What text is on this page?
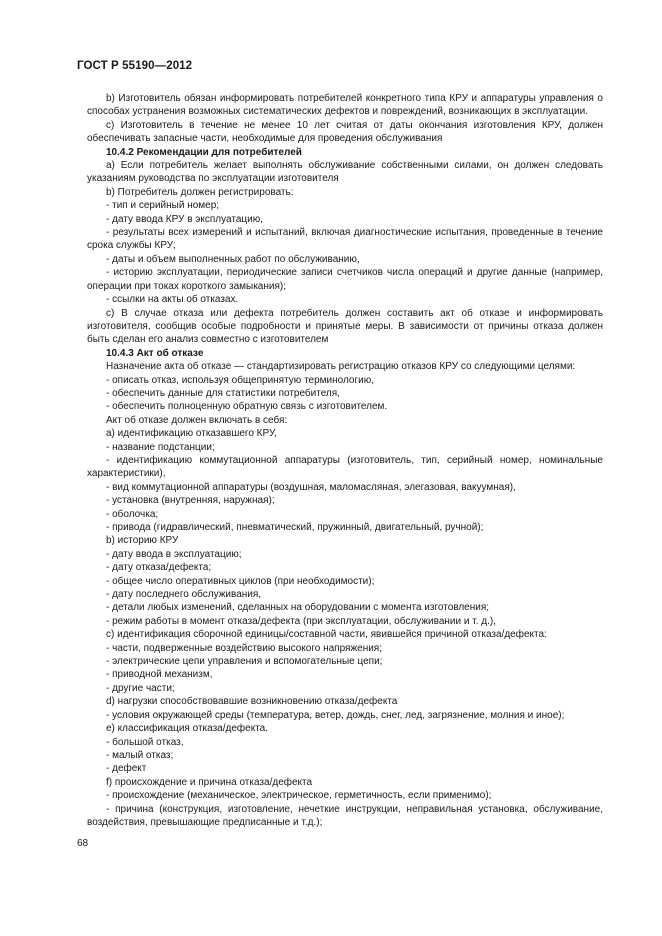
ГОСТ Р 55190—2012

b) Изготовитель обязан информировать потребителей конкретного типа КРУ и аппаратуры управления о способах устранения возможных систематических дефектов и повреждений, возникающих в эксплуатации.

c) Изготовитель в течение не менее 10 лет считая от даты окончания изготовления КРУ, должен обеспечивать запасные части, необходимые для проведения обслуживания

10.4.2 Рекомендации для потребителей

а) Если потребитель желает выполнять обслуживание собственными силами, он должен следовать указаниям руководства по эксплуатации изготовителя

b) Потребитель должен регистрировать:

- тип и серийный номер;

- дату ввода КРУ в эксплуатацию,

- результаты всех измерений и испытаний, включая диагностические испытания, проведенные в течение срока службы КРУ;

- даты и объем выполненных работ по обслуживанию,

- историю эксплуатации, периодические записи счетчиков числа операций и другие данные (например, операции при токах короткого замыкания);

- ссылки на акты об отказах.

c) В случае отказа или дефекта потребитель должен составить акт об отказе и информировать изготовителя, сообщив особые подробности и принятые меры. В зависимости от причины отказа должен быть сделан его анализ совместно с изготовителем

10.4.3 Акт об отказе

Назначение акта об отказе — стандартизировать регистрацию отказов КРУ со следующими целями:

- описать отказ, используя общепринятую терминологию,

- обеспечить данные для статистики потребителя,

- обеспечить полноценную обратную связь с изготовителем.

Акт об отказе должен включать в себя:

а) идентификацию отказавшего КРУ,

- название подстанции;

- идентификацию коммутационной аппаратуры (изготовитель, тип, серийный номер, номинальные характеристики),

- вид коммутационной аппаратуры (воздушная, маломасляная, элегазовая, вакуумная),

- установка (внутренняя, наружная);

- оболочка;

- привода (гидравлический, пневматический, пружинный, двигательный, ручной);

b) историю КРУ

- дату ввода в эксплуатацию;

- дату отказа/дефекта;

- общее число оперативных циклов (при необходимости);

- дату последнего обслуживания,

- детали любых изменений, сделанных на оборудовании с момента изготовления;

- режим работы в момент отказа/дефекта (при эксплуатации, обслуживании и т. д.),

c) идентификация сборочной единицы/составной части, явившейся причиной отказа/дефекта:

- части, подверженные воздействию высокого напряжения;

- электрические цепи управления и вспомогательные цепи;

- приводной механизм,

- другие части;

d) нагрузки способствовавшие возникновению отказа/дефекта

- условия окружающей среды (температура, ветер, дождь, снег, лед, загрязнение, молния и иное);

e) классификация отказа/дефекта.

- большой отказ,

- малый отказ;

- дефект

f) происхождение и причина отказа/дефекта

- происхождение (механическое, электрическое, герметичность, если применимо);

- причина (конструкция, изготовление, нечеткие инструкции, неправильная установка, обслуживание, воздействия, превышающие предписанные и т.д.);

68
